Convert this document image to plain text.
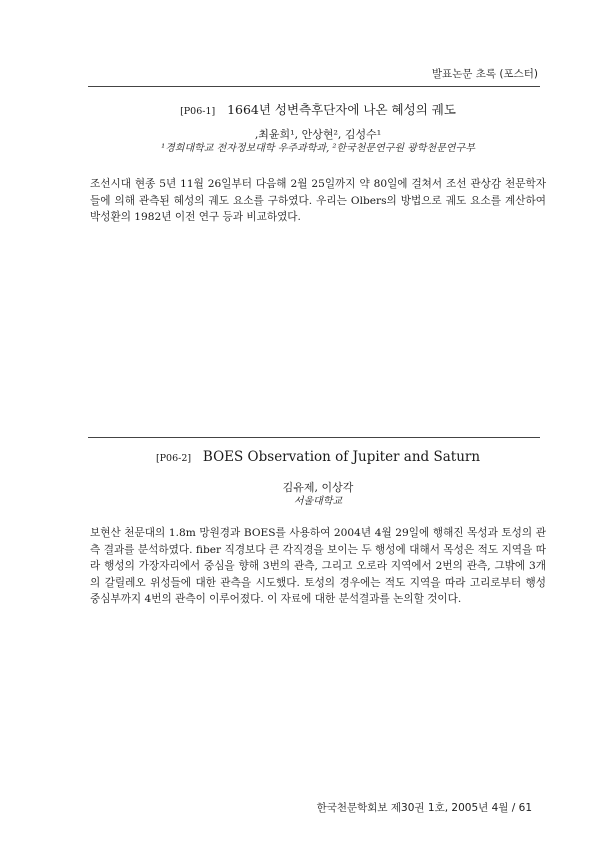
발표논문 초록 (포스터)
[P06-1] 1664년 성변측후단자에 나온 혜성의 궤도
,최윤희¹, 안상현², 김성수¹
¹경희대학교 전자정보대학 우주과학과, ²한국천문연구원 광학천문연구부
조선시대 현종 5년 11월 26일부터 다음해 2월 25일까지 약 80일에 걸쳐서 조선 관상감 천문학자들에 의해 관측된 혜성의 궤도 요소를 구하였다. 우리는 Olbers의 방법으로 궤도 요소를 계산하여 박성환의 1982년 이전 연구 등과 비교하였다.
[P06-2] BOES Observation of Jupiter and Saturn
김유제, 이상각
서울대학교
보현산 천문대의 1.8m 망원경과 BOES를 사용하여 2004년 4월 29일에 행해진 목성과 토성의 관측 결과를 분석하였다. fiber 직경보다 큰 각직경을 보이는 두 행성에 대해서 목성은 적도 지역을 따라 행성의 가장자리에서 중심을 향해 3번의 관측, 그리고 오로라 지역에서 2번의 관측, 그밖에 3개의 갈릴레오 위성들에 대한 관측을 시도했다. 토성의 경우에는 적도 지역을 따라 고리로부터 행성 중심부까지 4번의 관측이 이루어졌다. 이 자료에 대한 분석결과를 논의할 것이다.
한국천문학회보 제30권 1호, 2005년 4월 / 61
